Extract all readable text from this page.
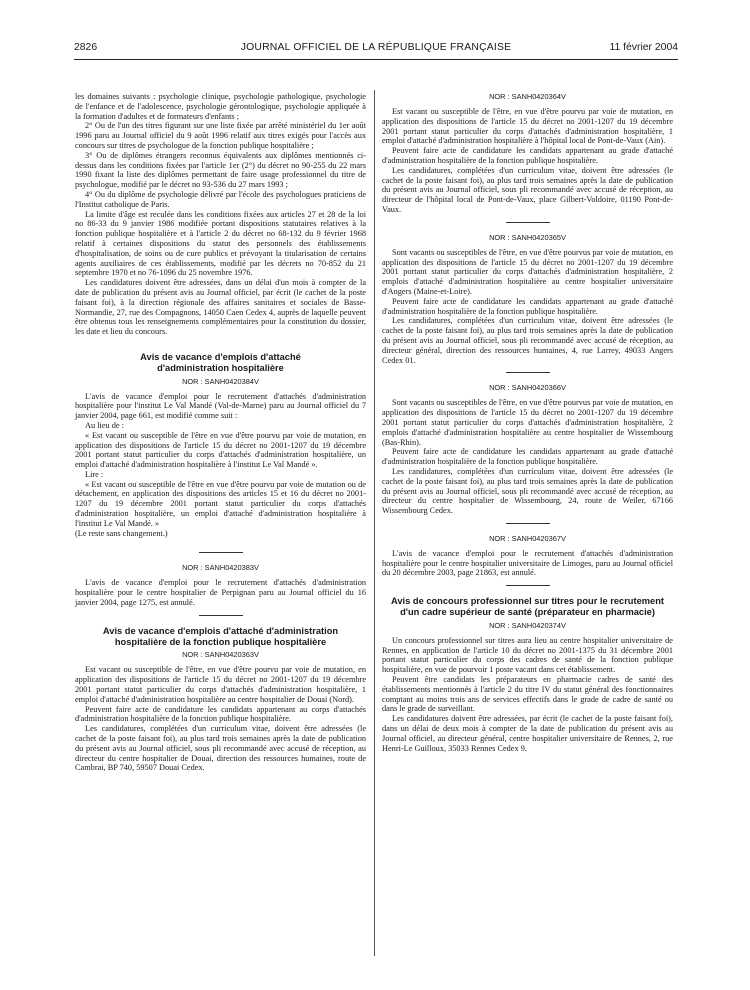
2826	JOURNAL OFFICIEL DE LA RÉPUBLIQUE FRANÇAISE	11 février 2004

les domaines suivants : psychologie clinique, psychologie pathologique, psychologie de l'enfance et de l'adolescence, psychologie gérontologique, psychologie appliquée à la formation d'adultes et de formateurs d'enfants ;

2° Ou de l'un des titres figurant sur une liste fixée par arrêté ministériel du 1er août 1996 paru au Journal officiel du 9 août 1996 relatif aux titres exigés pour l'accès aux concours sur titres de psychologue de la fonction publique hospitalière ;

3° Ou de diplômes étrangers reconnus équivalents aux diplômes mentionnés ci-dessus dans les conditions fixées par l'article 1er (2°) du décret no 90-255 du 22 mars 1990 fixant la liste des diplômes permettant de faire usage professionnel du titre de psychologue, modifié par le décret no 93-536 du 27 mars 1993 ;

4° Ou du diplôme de psychologie délivré par l'école des psychologues praticiens de l'Institut catholique de Paris.

La limite d'âge est reculée dans les conditions fixées aux articles 27 et 28 de la loi no 86-33 du 9 janvier 1986 modifiée portant dispositions statutaires relatives à la fonction publique hospitalière et à l'article 2 du décret no 68-132 du 9 février 1968 relatif à certaines dispositions du statut des personnels des établissements d'hospitalisation, de soins ou de cure publics et prévoyant la titularisation de certains agents auxiliaires de ces établissements, modifié par les décrets no 70-852 du 21 septembre 1970 et no 76-1096 du 25 novembre 1976.

Les candidatures doivent être adressées, dans un délai d'un mois à compter de la date de publication du présent avis au Journal officiel, par écrit (le cachet de la poste faisant foi), à la direction régionale des affaires sanitaires et sociales de Basse-Normandie, 27, rue des Compagnons, 14050 Caen Cedex 4, auprès de laquelle peuvent être obtenus tous les renseignements complémentaires pour la constitution du dossier, les date et lieu du concours.

Avis de vacance d'emplois d'attaché
d'administration hospitalière
NOR : SANH0420384V

L'avis de vacance d'emploi pour le recrutement d'attachés d'administration hospitalière pour l'institut Le Val Mandé (Val-de-Marne) paru au Journal officiel du 7 janvier 2004, page 661, est modifié comme suit :

Au lieu de :

« Est vacant ou susceptible de l'être en vue d'être pourvu par voie de mutation, en application des dispositions de l'article 15 du décret no 2001-1207 du 19 décembre 2001 portant statut particulier du corps d'attachés d'administration hospitalière, un emploi d'attaché d'administration hospitalière à l'institut Le Val Mandé ».

Lire :

« Est vacant ou susceptible de l'être en vue d'être pourvu par voie de mutation ou de détachement, en application des dispositions des articles 15 et 16 du décret no 2001-1207 du 19 décembre 2001 portant statut particulier du corps d'attachés d'administration hospitalière, un emploi d'attaché d'administration hospitalière à l'institut Le Val Mandé. »

(Le reste sans changement.)

NOR : SANH0420383V

L'avis de vacance d'emploi pour le recrutement d'attachés d'administration hospitalière pour le centre hospitalier de Perpignan paru au Journal officiel du 16 janvier 2004, page 1275, est annulé.

Avis de vacance d'emplois d'attaché d'administration
hospitalière de la fonction publique hospitalière
NOR : SANH0420363V

Est vacant ou susceptible de l'être, en vue d'être pourvu par voie de mutation, en application des dispositions de l'article 15 du décret no 2001-1207 du 19 décembre 2001 portant statut particulier du corps d'attachés d'administration hospitalière, 1 emploi d'attaché d'administration hospitalière au centre hospitalier de Douai (Nord).

Peuvent faire acte de candidature les candidats appartenant au corps d'attachés d'administration hospitalière de la fonction publique hospitalière.

Les candidatures, complétées d'un curriculum vitae, doivent être adressées (le cachet de la poste faisant foi), au plus tard trois semaines après la date de publication du présent avis au Journal officiel, sous pli recommandé avec accusé de réception, au directeur du centre hospitalier de Douai, direction des ressources humaines, route de Cambrai, BP 740, 59507 Douai Cedex.

NOR : SANH0420364V

Est vacant ou susceptible de l'être, en vue d'être pourvu par voie de mutation, en application des dispositions de l'article 15 du décret no 2001-1207 du 19 décembre 2001 portant statut particulier du corps d'attachés d'administration hospitalière, 1 emploi d'attaché d'administration hospitalière à l'hôpital local de Pont-de-Vaux (Ain).

Peuvent faire acte de candidature les candidats appartenant au grade d'attaché d'administration hospitalière de la fonction publique hospitalière.

Les candidatures, complétées d'un curriculum vitae, doivent être adressées (le cachet de la poste faisant foi), au plus tard trois semaines après la date de publication du présent avis au Journal officiel, sous pli recommandé avec accusé de réception, au directeur de l'hôpital local de Pont-de-Vaux, place Gilbert-Voldoire, 01190 Pont-de-Vaux.

NOR : SANH0420365V

Sont vacants ou susceptibles de l'être, en vue d'être pourvus par voie de mutation, en application des dispositions de l'article 15 du décret no 2001-1207 du 19 décembre 2001 portant statut particulier du corps d'attachés d'administration hospitalière, 2 emplois d'attaché d'administration hospitalière au centre hospitalier universitaire d'Angers (Maine-et-Loire).

Peuvent faire acte de candidature les candidats appartenant au grade d'attaché d'administration hospitalière de la fonction publique hospitalière.

Les candidatures, complétées d'un curriculum vitae, doivent être adressées (le cachet de la poste faisant foi), au plus tard trois semaines après la date de publication du présent avis au Journal officiel, sous pli recommandé avec accusé de réception, au directeur général, direction des ressources humaines, 4, rue Larrey, 49033 Angers Cedex 01.

NOR : SANH0420366V

Sont vacants ou susceptibles de l'être, en vue d'être pourvus par voie de mutation, en application des dispositions de l'article 15 du décret no 2001-1207 du 19 décembre 2001 portant statut particulier du corps d'attachés d'administration hospitalière, 2 emplois d'attaché d'administration hospitalière au centre hospitalier de Wissembourg (Bas-Rhin).

Peuvent faire acte de candidature les candidats appartenant au grade d'attaché d'administration hospitalière de la fonction publique hospitalière.

Les candidatures, complétées d'un curriculum vitae, doivent être adressées (le cachet de la poste faisant foi), au plus tard trois semaines après la date de publication du présent avis au Journal officiel, sous pli recommandé avec accusé de réception, au directeur du centre hospitalier de Wissembourg, 24, route de Weiler, 67166 Wissembourg Cedex.

NOR : SANH0420367V

L'avis de vacance d'emploi pour le recrutement d'attachés d'administration hospitalière pour le centre hospitalier universitaire de Limoges, paru au Journal officiel du 20 décembre 2003, page 21863, est annulé.

Avis de concours professionnel sur titres pour le recrutement d'un cadre supérieur de santé (préparateur en pharmacie)
NOR : SANH0420374V

Un concours professionnel sur titres aura lieu au centre hospitalier universitaire de Rennes, en application de l'article 10 du décret no 2001-1375 du 31 décembre 2001 portant statut particulier du corps des cadres de santé de la fonction publique hospitalière, en vue de pourvoir 1 poste vacant dans cet établissement.

Peuvent être candidats les préparateurs en pharmacie cadres de santé des établissements mentionnés à l'article 2 du titre IV du statut général des fonctionnaires comptant au moins trois ans de services effectifs dans le grade de cadre de santé ou dans le grade de surveillant.

Les candidatures doivent être adressées, par écrit (le cachet de la poste faisant foi), dans un délai de deux mois à compter de la date de publication du présent avis au Journal officiel, au directeur général, centre hospitalier universitaire de Rennes, 2, rue Henri-Le Guilloux, 35033 Rennes Cedex 9.
